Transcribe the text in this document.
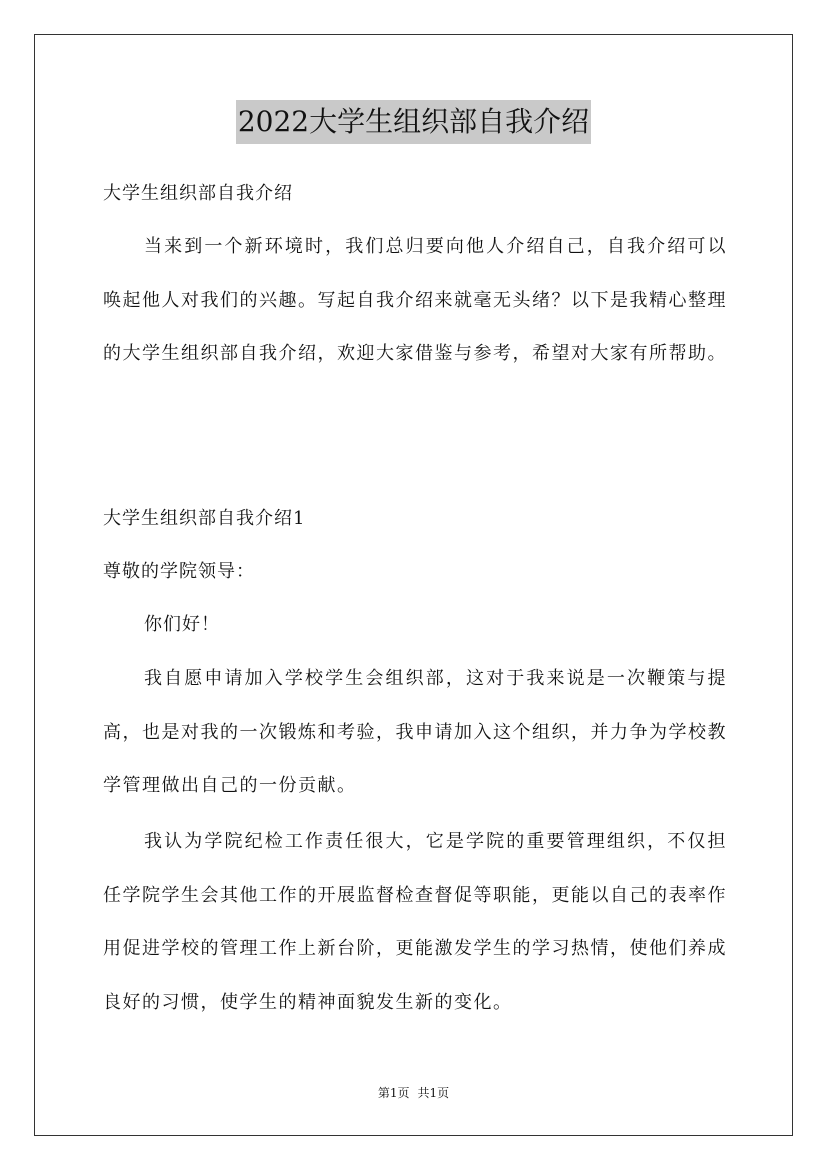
2022大学生组织部自我介绍
大学生组织部自我介绍

当来到一个新环境时，我们总归要向他人介绍自己，自我介绍可以唤起他人对我们的兴趣。写起自我介绍来就毫无头绪？以下是我精心整理的大学生组织部自我介绍，欢迎大家借鉴与参考，希望对大家有所帮助。

大学生组织部自我介绍1
尊敬的学院领导：
你们好！

我自愿申请加入学校学生会组织部，这对于我来说是一次鞭策与提高，也是对我的一次锻炼和考验，我申请加入这个组织，并力争为学校教学管理做出自己的一份贡献。

我认为学院纪检工作责任很大，它是学院的重要管理组织，不仅担任学院学生会其他工作的开展监督检查督促等职能，更能以自己的表率作用促进学校的管理工作上新台阶，更能激发学生的学习热情，使他们养成良好的习惯，使学生的精神面貌发生新的变化。

第1页 共1页
